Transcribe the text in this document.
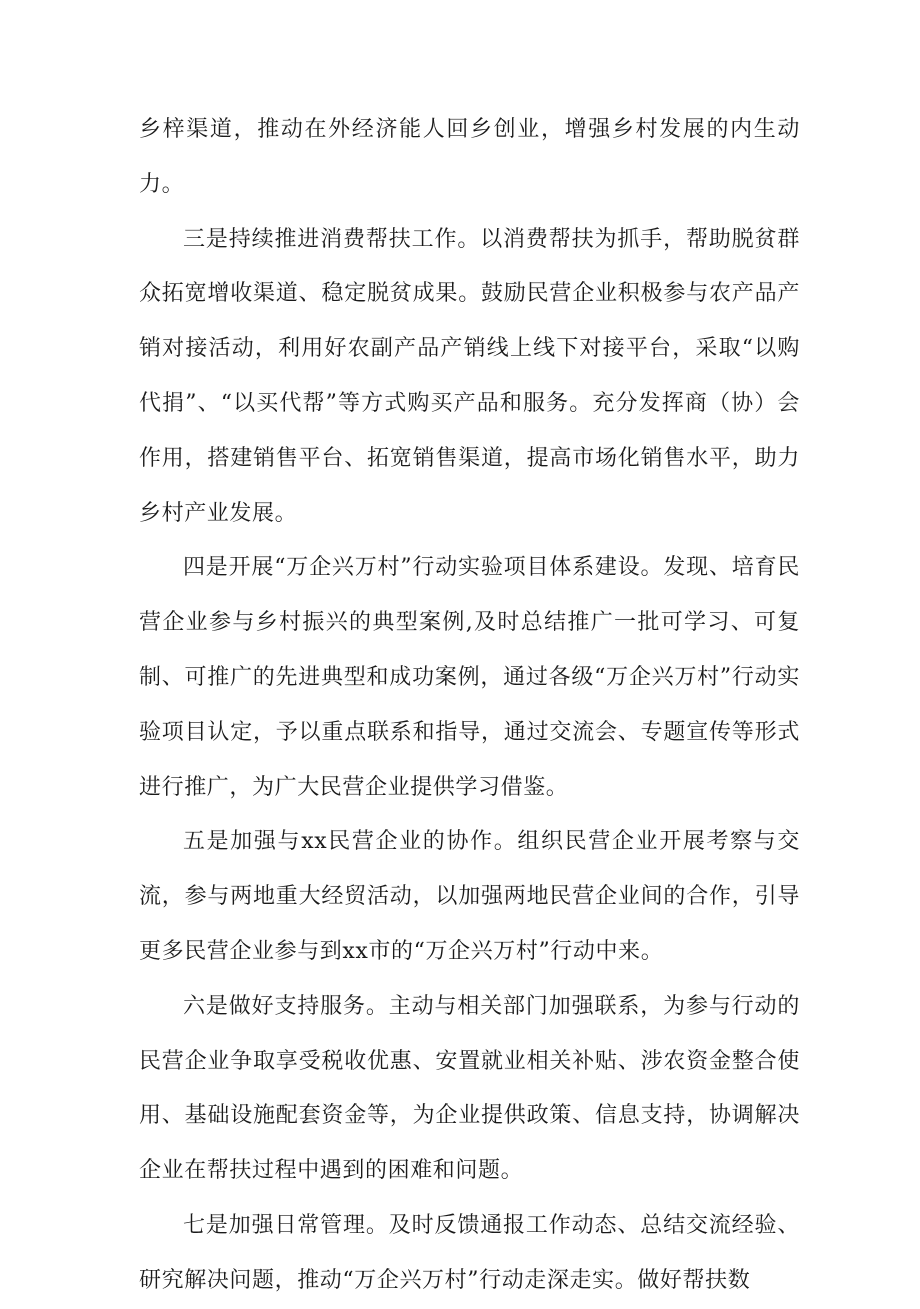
乡梓渠道，推动在外经济能人回乡创业，增强乡村发展的内生动力。

三是持续推进消费帮扶工作。以消费帮扶为抓手，帮助脱贫群众拓宽增收渠道、稳定脱贫成果。鼓励民营企业积极参与农产品产销对接活动，利用好农副产品产销线上线下对接平台，采取“以购代捐”、“以买代帮”等方式购买产品和服务。充分发挥商（协）会作用，搭建销售平台、拓宽销售渠道，提高市场化销售水平，助力乡村产业发展。

四是开展“万企兴万村”行动实验项目体系建设。发现、培育民营企业参与乡村振兴的典型案例,及时总结推广一批可学习、可复制、可推广的先进典型和成功案例，通过各级“万企兴万村”行动实验项目认定，予以重点联系和指导，通过交流会、专题宣传等形式进行推广，为广大民营企业提供学习借鉴。

五是加强与xx民营企业的协作。组织民营企业开展考察与交流，参与两地重大经贸活动，以加强两地民营企业间的合作，引导更多民营企业参与到xx市的“万企兴万村”行动中来。

六是做好支持服务。主动与相关部门加强联系，为参与行动的民营企业争取享受税收优惠、安置就业相关补贴、涉农资金整合使用、基础设施配套资金等，为企业提供政策、信息支持，协调解决企业在帮扶过程中遇到的困难和问题。

七是加强日常管理。及时反馈通报工作动态、总结交流经验、研究解决问题，推动“万企兴万村”行动走深走实。做好帮扶数
